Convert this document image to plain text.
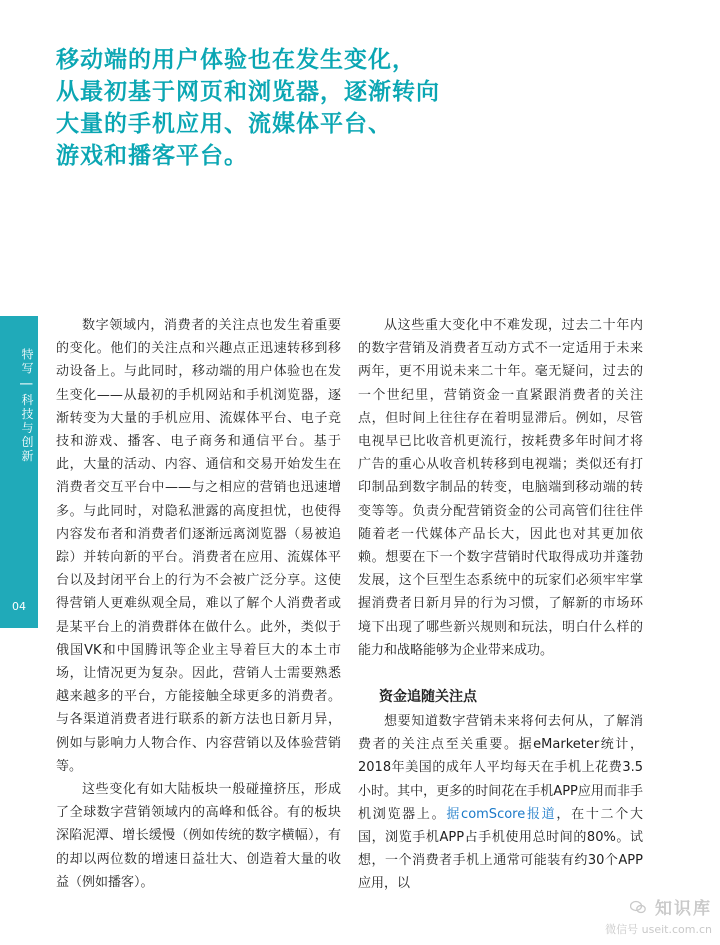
移动端的用户体验也在发生变化，
从最初基于网页和浏览器，逐渐转向
大量的手机应用、流媒体平台、
游戏和播客平台。
特写 | 科技与创新
04

数字领域内，消费者的关注点也发生着重要的变化。他们的关注点和兴趣点正迅速转移到移动设备上。与此同时，移动端的用户体验也在发生变化——从最初的手机网站和手机浏览器，逐渐转变为大量的手机应用、流媒体平台、电子竞技和游戏、播客、电子商务和通信平台。基于此，大量的活动、内容、通信和交易开始发生在消费者交互平台中——与之相应的营销也迅速增多。与此同时，对隐私泄露的高度担忧，也使得内容发布者和消费者们逐渐远离浏览器（易被追踪）并转向新的平台。消费者在应用、流媒体平台以及封闭平台上的行为不会被广泛分享。这使得营销人更难纵观全局，难以了解个人消费者或是某平台上的消费群体在做什么。此外，类似于俄国VK和中国腾讯等企业主导着巨大的本土市场，让情况更为复杂。因此，营销人士需要熟悉越来越多的平台，方能接触全球更多的消费者。与各渠道消费者进行联系的新方法也日新月异，例如与影响力人物合作、内容营销以及体验营销等。

这些变化有如大陆板块一般碰撞挤压，形成了全球数字营销领域内的高峰和低谷。有的板块深陷泥潭、增长缓慢（例如传统的数字横幅），有的却以两位数的增速日益壮大、创造着大量的收益（例如播客）。

从这些重大变化中不难发现，过去二十年内的数字营销及消费者互动方式不一定适用于未来两年，更不用说未来二十年。毫无疑问，过去的一个世纪里，营销资金一直紧跟消费者的关注点，但时间上往往存在着明显滞后。例如，尽管电视早已比收音机更流行，按耗费多年时间才将广告的重心从收音机转移到电视端；类似还有打印制品到数字制品的转变，电脑端到移动端的转变等等。负责分配营销资金的公司高管们往往伴随着老一代媒体产品长大，因此也对其更加依赖。想要在下一个数字营销时代取得成功并蓬勃发展，这个巨型生态系统中的玩家们必须牢牢掌握消费者日新月异的行为习惯，了解新的市场环境下出现了哪些新兴规则和玩法，明白什么样的能力和战略能够为企业带来成功。

资金追随关注点

想要知道数字营销未来将何去何从，了解消费者的关注点至关重要。据eMarketer统计，2018年美国的成年人平均每天在手机上花费3.5小时。其中，更多的时间花在手机APP应用而非手机浏览器上。据comScore报道，在十二个大国，浏览手机APP占手机使用总时间的80%。试想，一个消费者手机上通常可能装有约30个APP应用，以

知识库
微信号 useit.com.cn
